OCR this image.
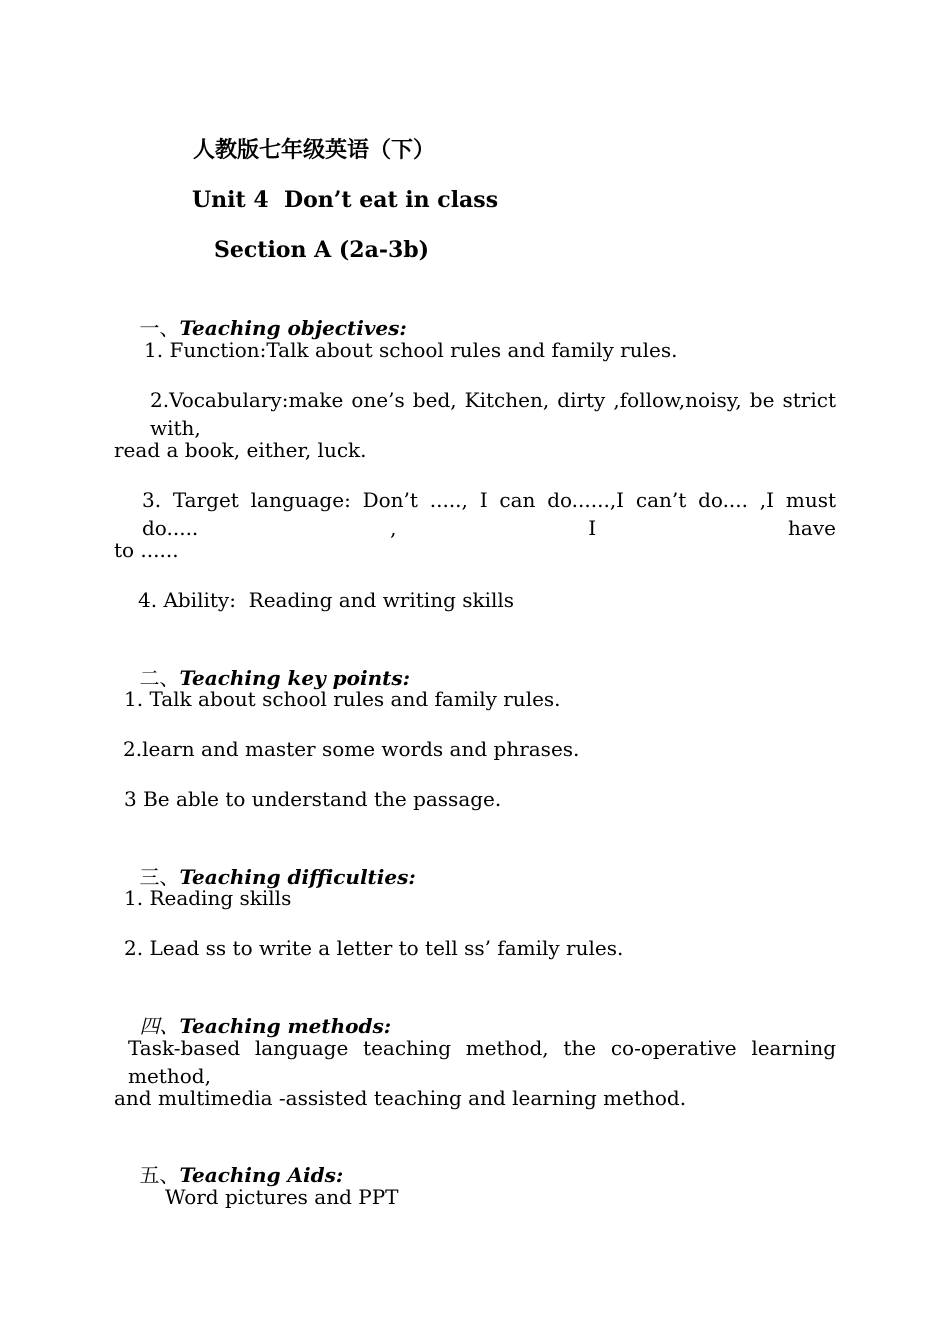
人教版七年级英语（下）
Unit 4  Don’t eat in class
Section A (2a-3b)

一、Teaching objectives:

1. Function:Talk about school rules and family rules.
2.Vocabulary:make one’s bed, Kitchen, dirty ,follow,noisy, be strict with,
read a book, either, luck.
3. Target language: Don’t ....., I can do......,I can’t do.... ,I must do..... , I have
to ......
4. Ability:  Reading and writing skills

二、Teaching key points:

1. Talk about school rules and family rules.
2.learn and master some words and phrases.
3 Be able to understand the passage.

三、Teaching difficulties:

1. Reading skills
2. Lead ss to write a letter to tell ss’ family rules.

四、Teaching methods:

Task-based language teaching method, the co-operative learning method,
and multimedia -assisted teaching and learning method.

五、Teaching Aids:

Word pictures and PPT
